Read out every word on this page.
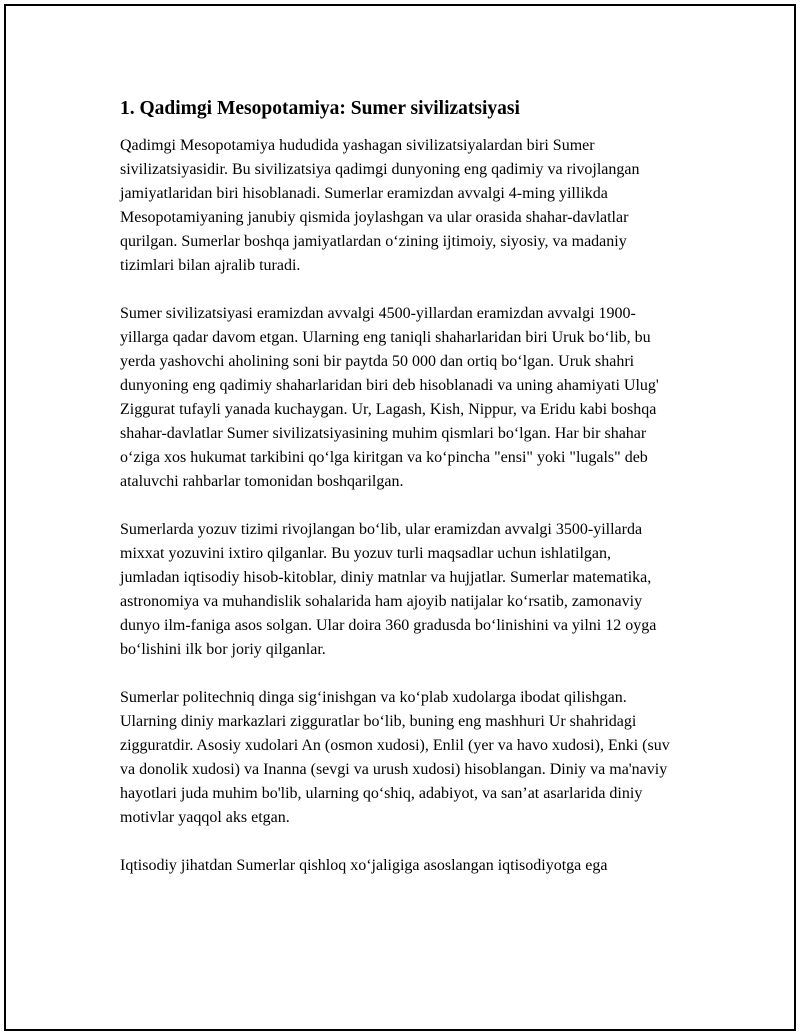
1. Qadimgi Mesopotamiya: Sumer sivilizatsiyasi

Qadimgi Mesopotamiya hududida yashagan sivilizatsiyalardan biri Sumer sivilizatsiyasidir. Bu sivilizatsiya qadimgi dunyoning eng qadimiy va rivojlangan jamiyatlaridan biri hisoblanadi. Sumerlar eramizdan avvalgi 4-ming yillikda Mesopotamiyaning janubiy qismida joylashgan va ular orasida shahar-davlatlar qurilgan. Sumerlar boshqa jamiyatlardan o‘zining ijtimoiy, siyosiy, va madaniy tizimlari bilan ajralib turadi.

Sumer sivilizatsiyasi eramizdan avvalgi 4500-yillardan eramizdan avvalgi 1900-yillarga qadar davom etgan. Ularning eng taniqli shaharlaridan biri Uruk bo‘lib, bu yerda yashovchi aholining soni bir paytda 50 000 dan ortiq bo‘lgan. Uruk shahri dunyoning eng qadimiy shaharlaridan biri deb hisoblanadi va uning ahamiyati Ulug' Ziggurat tufayli yanada kuchaygan. Ur, Lagash, Kish, Nippur, va Eridu kabi boshqa shahar-davlatlar Sumer sivilizatsiyasining muhim qismlari bo‘lgan. Har bir shahar o‘ziga xos hukumat tarkibini qo‘lga kiritgan va ko‘pincha "ensi" yoki "lugals" deb ataluvchi rahbarlar tomonidan boshqarilgan.

Sumerlarda yozuv tizimi rivojlangan bo‘lib, ular eramizdan avvalgi 3500-yillarda mixxat yozuvini ixtiro qilganlar. Bu yozuv turli maqsadlar uchun ishlatilgan, jumladan iqtisodiy hisob-kitoblar, diniy matnlar va hujjatlar. Sumerlar matematika, astronomiya va muhandislik sohalarida ham ajoyib natijalar ko‘rsatib, zamonaviy dunyo ilm-faniga asos solgan. Ular doira 360 gradusda bo‘linishini va yilni 12 oyga bo‘lishini ilk bor joriy qilganlar.

Sumerlar politechniq dinga sig‘inishgan va ko‘plab xudolarga ibodat qilishgan. Ularning diniy markazlari zigguratlar bo‘lib, buning eng mashhuri Ur shahridagi zigguratdir. Asosiy xudolari An (osmon xudosi), Enlil (yer va havo xudosi), Enki (suv va donolik xudosi) va Inanna (sevgi va urush xudosi) hisoblangan. Diniy va ma'naviy hayotlari juda muhim bo'lib, ularning qo‘shiq, adabiyot, va san’at asarlarida diniy motivlar yaqqol aks etgan.

Iqtisodiy jihatdan Sumerlar qishloq xo‘jaligiga asoslangan iqtisodiyotga ega
